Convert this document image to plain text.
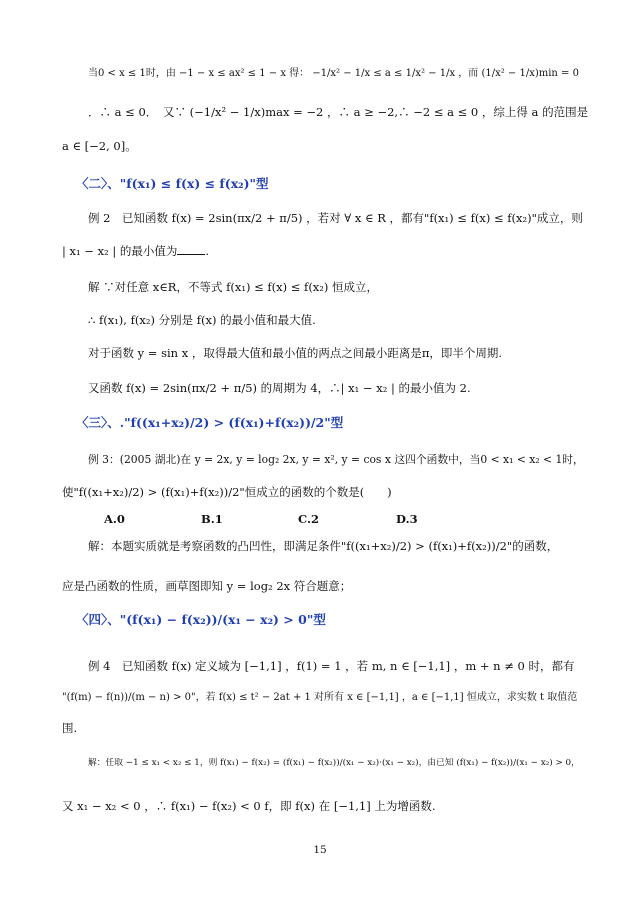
当0 < x ≤ 1时，由 −1 − x ≤ ax² ≤ 1 − x 得： −1/x² − 1/x ≤ a ≤ 1/x² − 1/x ，而 (1/x² − 1/x)min = 0
．∴ a ≤ 0．　又∵ (−1/x² − 1/x)max = −2 ，∴ a ≥ −2,∴ −2 ≤ a ≤ 0 ，综上得 a 的范围是
a ∈ [−2, 0]。
〈二〉、"f(x₁) ≤ f(x) ≤ f(x₂)"型
例 2　已知函数 f(x) = 2sin(πx/2 + π/5) ，若对 ∀ x ∈ R ，都有"f(x₁) ≤ f(x) ≤ f(x₂)"成立，则
| x₁ − x₂ | 的最小值为 .
解 ∵对任意 x∈R，不等式 f(x₁) ≤ f(x) ≤ f(x₂) 恒成立，
∴ f(x₁), f(x₂) 分别是 f(x) 的最小值和最大值.
对于函数 y = sin x ，取得最大值和最小值的两点之间最小距离是π，即半个周期.
又函数 f(x) = 2sin(πx/2 + π/5) 的周期为 4，∴| x₁ − x₂ | 的最小值为 2.
〈三〉、."f((x₁+x₂)/2) > (f(x₁)+f(x₂))/2"型
例 3：(2005 湖北)在 y = 2x, y = log₂ 2x, y = x², y = cos x 这四个函数中，当0 < x₁ < x₂ < 1时，
使"f((x₁+x₂)/2) > (f(x₁)+f(x₂))/2"恒成立的函数的个数是(　　)
A.0	B.1	C.2	D.3
解：本题实质就是考察函数的凸凹性，即满足条件"f((x₁+x₂)/2) > (f(x₁)+f(x₂))/2"的函数，
应是凸函数的性质，画草图即知 y = log₂ 2x 符合题意；
〈四〉、"(f(x₁) − f(x₂))/(x₁ − x₂) > 0"型
例 4　已知函数 f(x) 定义域为 [−1,1] ，f(1) = 1 ，若 m, n ∈ [−1,1] ，m + n ≠ 0 时，都有
"(f(m) − f(n))/(m − n) > 0"，若 f(x) ≤ t² − 2at + 1 对所有 x ∈ [−1,1] ，a ∈ [−1,1] 恒成立，求实数 t 取值范
围.
解：任取 −1 ≤ x₁ < x₂ ≤ 1，则 f(x₁) − f(x₂) = (f(x₁) − f(x₂))/(x₁ − x₂)·(x₁ − x₂)，由已知 (f(x₁) − f(x₂))/(x₁ − x₂) > 0，
又 x₁ − x₂ < 0 ，∴ f(x₁) − f(x₂) < 0 f，即 f(x) 在 [−1,1] 上为增函数.
15
